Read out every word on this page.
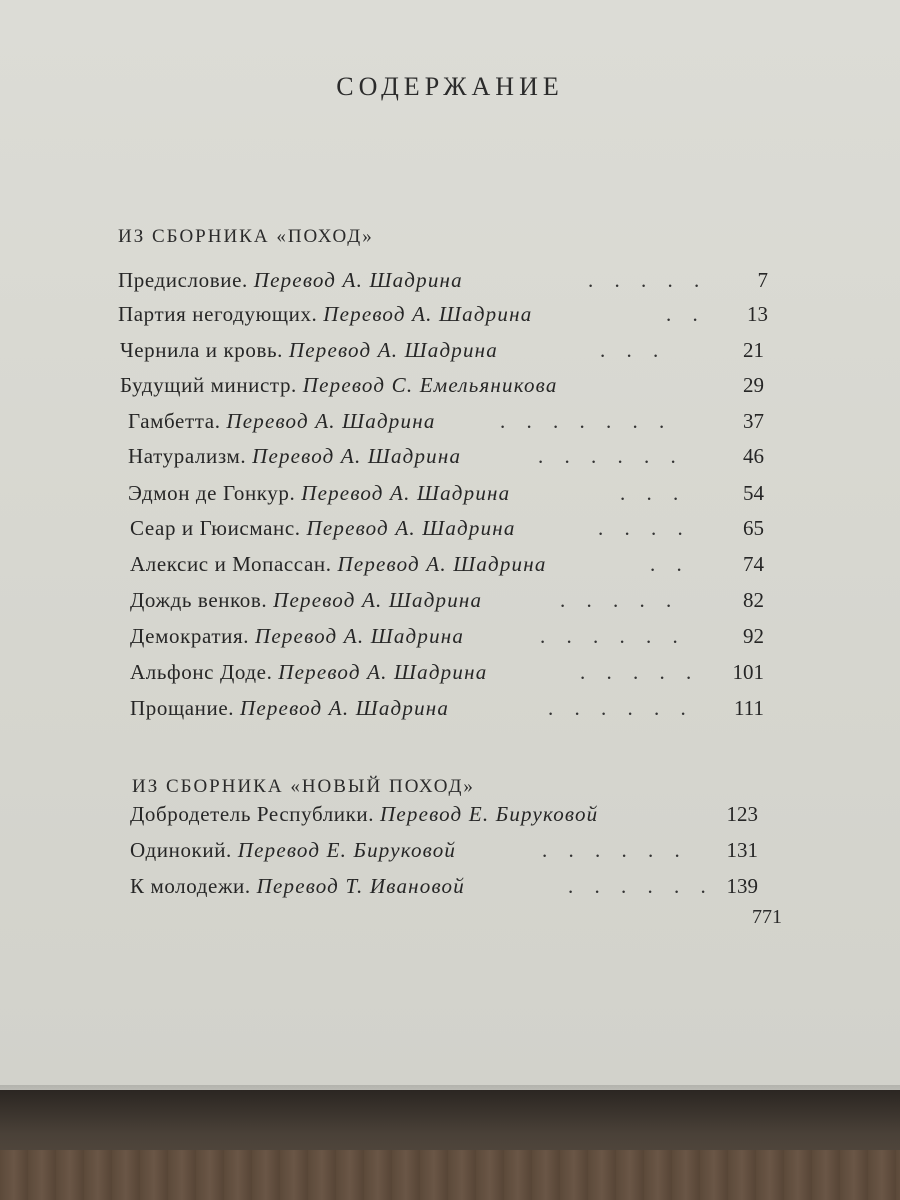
СОДЕРЖАНИЕ
ИЗ СБОРНИКА «ПОХОД»
Предисловие. Перевод А. Шадрина	. . . . .	7
Партия негодующих. Перевод А. Шадрина	. .	13
Чернила и кровь. Перевод А. Шадрина	. . .	21
Будущий министр. Перевод С. Емельяникова	29
Гамбетта. Перевод А. Шадрина	. . . . . . .	37
Натурализм. Перевод А. Шадрина	. . . . . .	46
Эдмон де Гонкур. Перевод А. Шадрина	. . .	54
Сеар и Гюисманс. Перевод А. Шадрина	. . . .	65
Алексис и Мопассан. Перевод А. Шадрина	. .	74
Дождь венков. Перевод А. Шадрина	. . . . .	82
Демократия. Перевод А. Шадрина	. . . . . .	92
Альфонс Доде. Перевод А. Шадрина	. . . . .	101
Прощание. Перевод А. Шадрина	. . . . . .	111
ИЗ СБОРНИКА «НОВЫЙ ПОХОД»
Добродетель Республики. Перевод Е. Бируковой	123
Одинокий. Перевод Е. Бируковой	. . . . . .	131
К молодежи. Перевод Т. Ивановой	. . . . . . 139
771
